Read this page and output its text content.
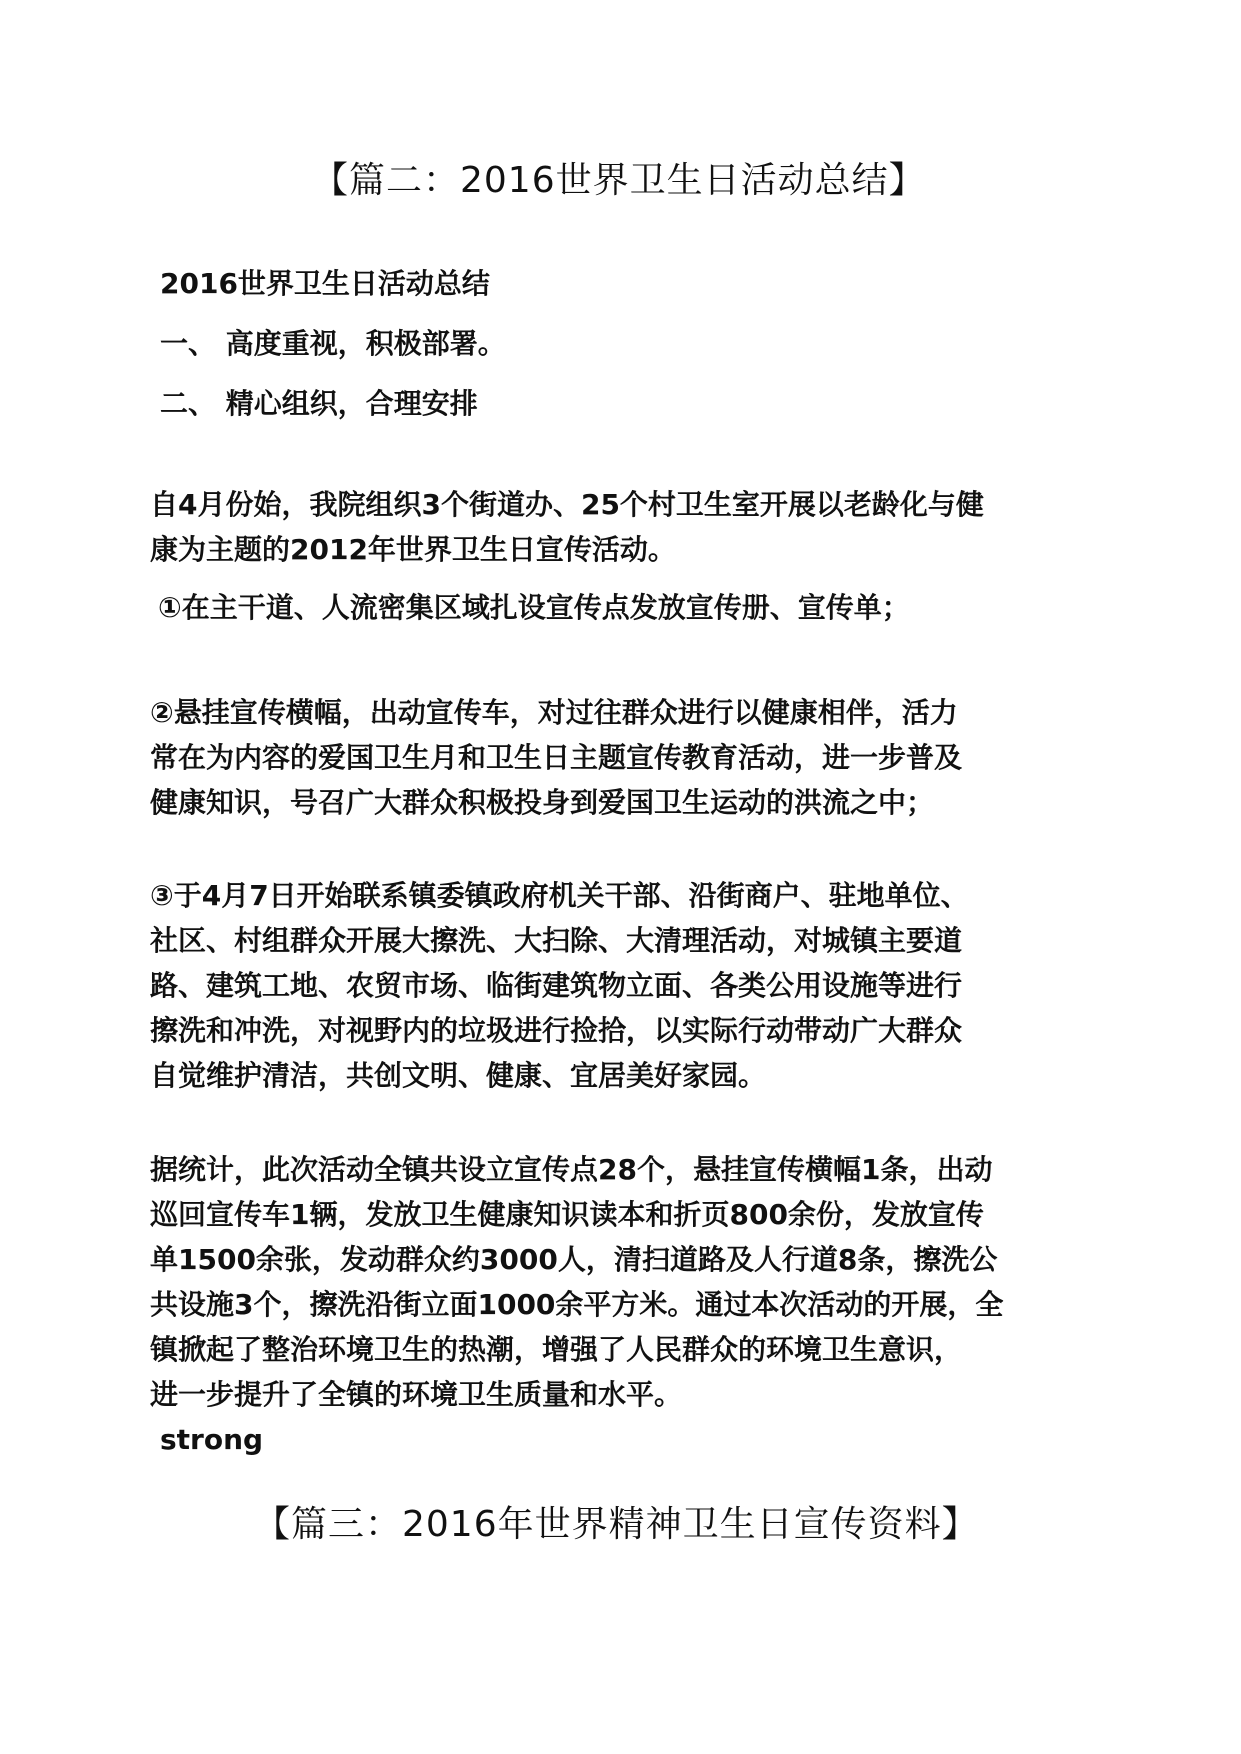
【篇二：2016世界卫生日活动总结】
2016世界卫生日活动总结
一、 高度重视，积极部署。
二、 精心组织，合理安排
自4月份始，我院组织3个街道办、25个村卫生室开展以老龄化与健
康为主题的2012年世界卫生日宣传活动。
①在主干道、人流密集区域扎设宣传点发放宣传册、宣传单；
②悬挂宣传横幅，出动宣传车，对过往群众进行以健康相伴，活力
常在为内容的爱国卫生月和卫生日主题宣传教育活动，进一步普及
健康知识，号召广大群众积极投身到爱国卫生运动的洪流之中；
③于4月7日开始联系镇委镇政府机关干部、沿街商户、驻地单位、
社区、村组群众开展大擦洗、大扫除、大清理活动，对城镇主要道
路、建筑工地、农贸市场、临街建筑物立面、各类公用设施等进行
擦洗和冲洗，对视野内的垃圾进行捡拾，以实际行动带动广大群众
自觉维护清洁，共创文明、健康、宜居美好家园。
据统计，此次活动全镇共设立宣传点28个，悬挂宣传横幅1条，出动
巡回宣传车1辆，发放卫生健康知识读本和折页800余份，发放宣传
单1500余张，发动群众约3000人，清扫道路及人行道8条，擦洗公
共设施3个，擦洗沿街立面1000余平方米。通过本次活动的开展，全
镇掀起了整治环境卫生的热潮，增强了人民群众的环境卫生意识，
进一步提升了全镇的环境卫生质量和水平。
strong
【篇三：2016年世界精神卫生日宣传资料】
